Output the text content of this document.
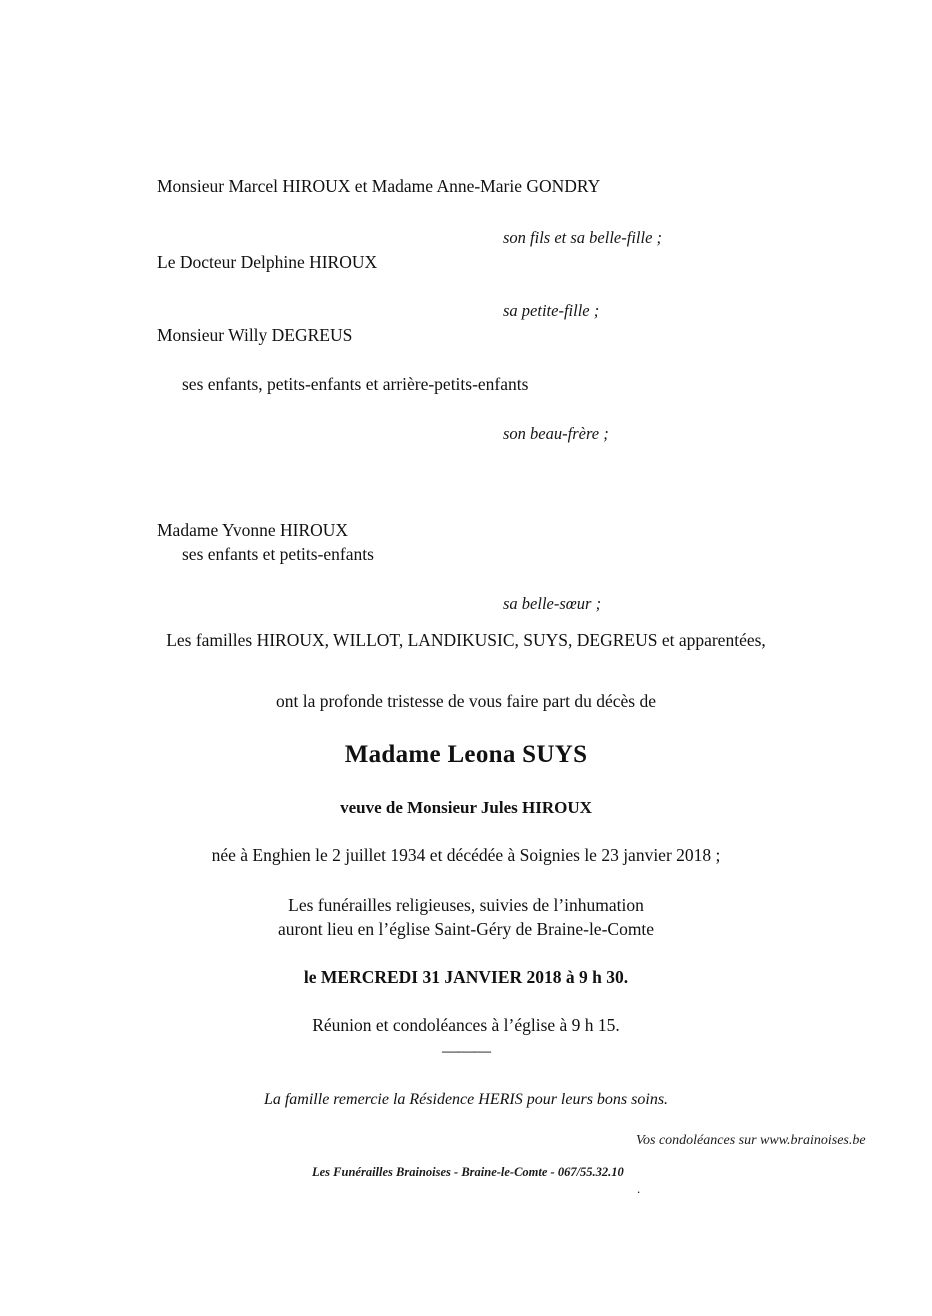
Monsieur Marcel HIROUX et Madame Anne-Marie GONDRY
son fils et sa belle-fille ;
Le Docteur Delphine HIROUX
sa petite-fille ;
Monsieur Willy DEGREUS
ses enfants, petits-enfants et arrière-petits-enfants
son beau-frère ;
Madame Yvonne HIROUX
ses enfants et petits-enfants
sa belle-sœur ;
Les familles HIROUX, WILLOT, LANDIKUSIC, SUYS, DEGREUS et apparentées,
ont la profonde tristesse de vous faire part du décès de
Madame Leona SUYS
veuve de Monsieur Jules HIROUX
née à Enghien le 2 juillet 1934 et décédée à Soignies le 23 janvier 2018 ;
Les funérailles religieuses, suivies de l’inhumation
auront lieu en l’église Saint-Géry de Braine-le-Comte
le MERCREDI 31 JANVIER 2018 à 9 h 30.
Réunion et condoléances à l’église à 9 h 15.
———
La famille remercie la Résidence HERIS pour leurs bons soins.
Vos condoléances sur www.brainoises.be
Les Funérailles Brainoises - Braine-le-Comte - 067/55.32.10
.
